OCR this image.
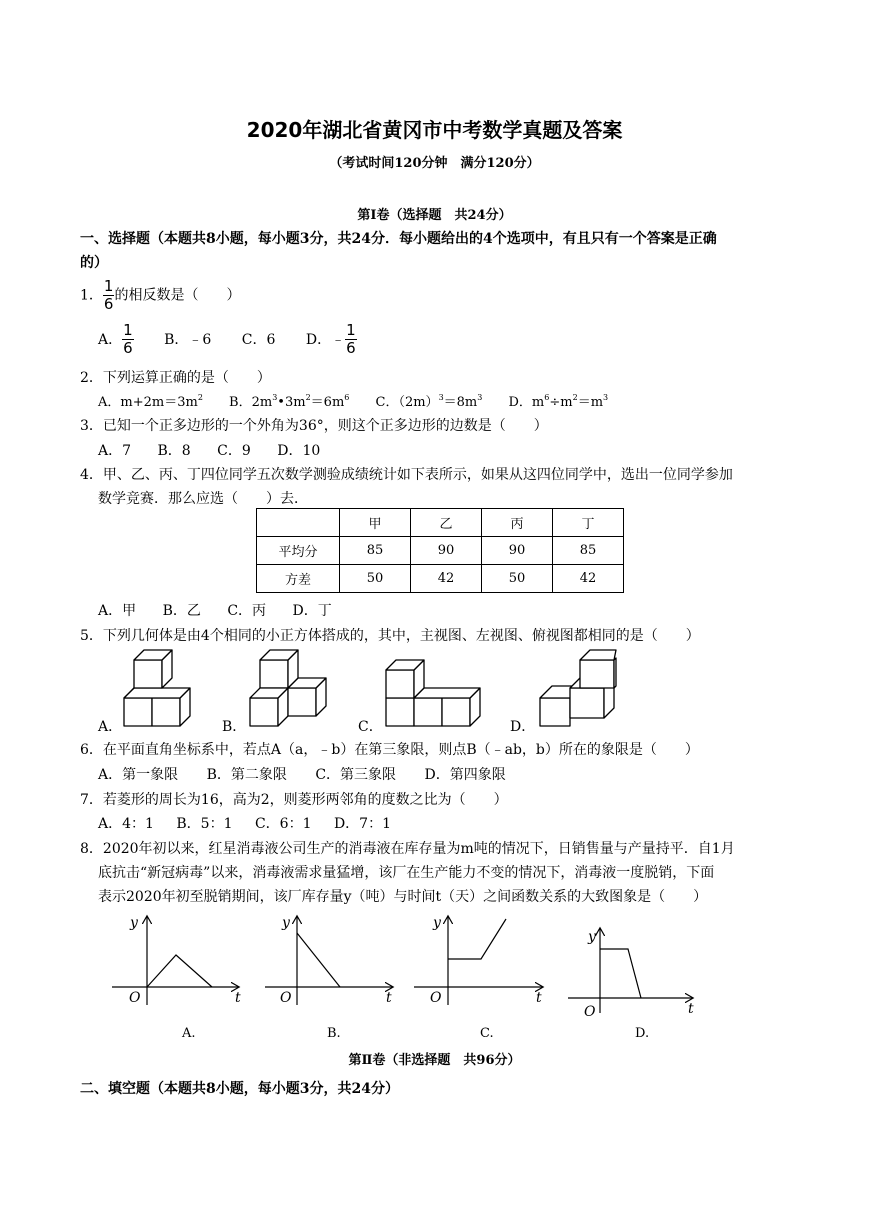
2020年湖北省黄冈市中考数学真题及答案
（考试时间120分钟　满分120分）
第Ⅰ卷（选择题　共24分）
一、选择题（本题共8小题，每小题3分，共24分．每小题给出的4个选项中，有且只有一个答案是正确
的）
1． $\frac{1}{6}$ 的相反数是（　　）
A． $\frac{1}{6}$ B．﹣6 C．6 D．﹣ $\frac{1}{6}$
2．下列运算正确的是（　　）
A．$m+2m=3m^2$ B．$2m^3•3m^2=6m^6$ C．$(2m)^3=8m^3$ D．$m^6\div m^2=m^3$
3．已知一个正多边形的一个外角为36°，则这个正多边形的边数是（　　）
A．7 B．8 C．9 D．10
4．甲、乙、丙、丁四位同学五次数学测验成绩统计如下表所示，如果从这四位同学中，选出一位同学参加
数学竞赛．那么应选（　　）去．
	甲	乙	丙	丁
平均分	85	90	90	85
方差	50	42	50	42
A．甲 B．乙 C．丙 D．丁
5．下列几何体是由4个相同的小正方体搭成的，其中，主视图、左视图、俯视图都相同的是（　　）
A．	B．	C．	D．
6．在平面直角坐标系中，若点A（a，﹣b）在第三象限，则点B（﹣ab，b）所在的象限是（　　）
A．第一象限 B．第二象限 C．第三象限 D．第四象限
7．若菱形的周长为16，高为2，则菱形两邻角的度数之比为（　　）
A．4：1 B．5：1 C．6：1 D．7：1
8．2020年初以来，红星消毒液公司生产的消毒液在库存量为m吨的情况下，日销售量与产量持平．自1月
底抗击“新冠病毒”以来，消毒液需求量猛增，该厂在生产能力不变的情况下，消毒液一度脱销，下面
表示2020年初至脱销期间，该厂库存量y（吨）与时间t（天）之间函数关系的大致图象是（　　）
y
t
O
y
t
O
y
t
O
y
t
O
A.	B.	C.	D.
第Ⅱ卷（非选择题　共96分）
二、填空题（本题共8小题，每小题3分，共24分）
